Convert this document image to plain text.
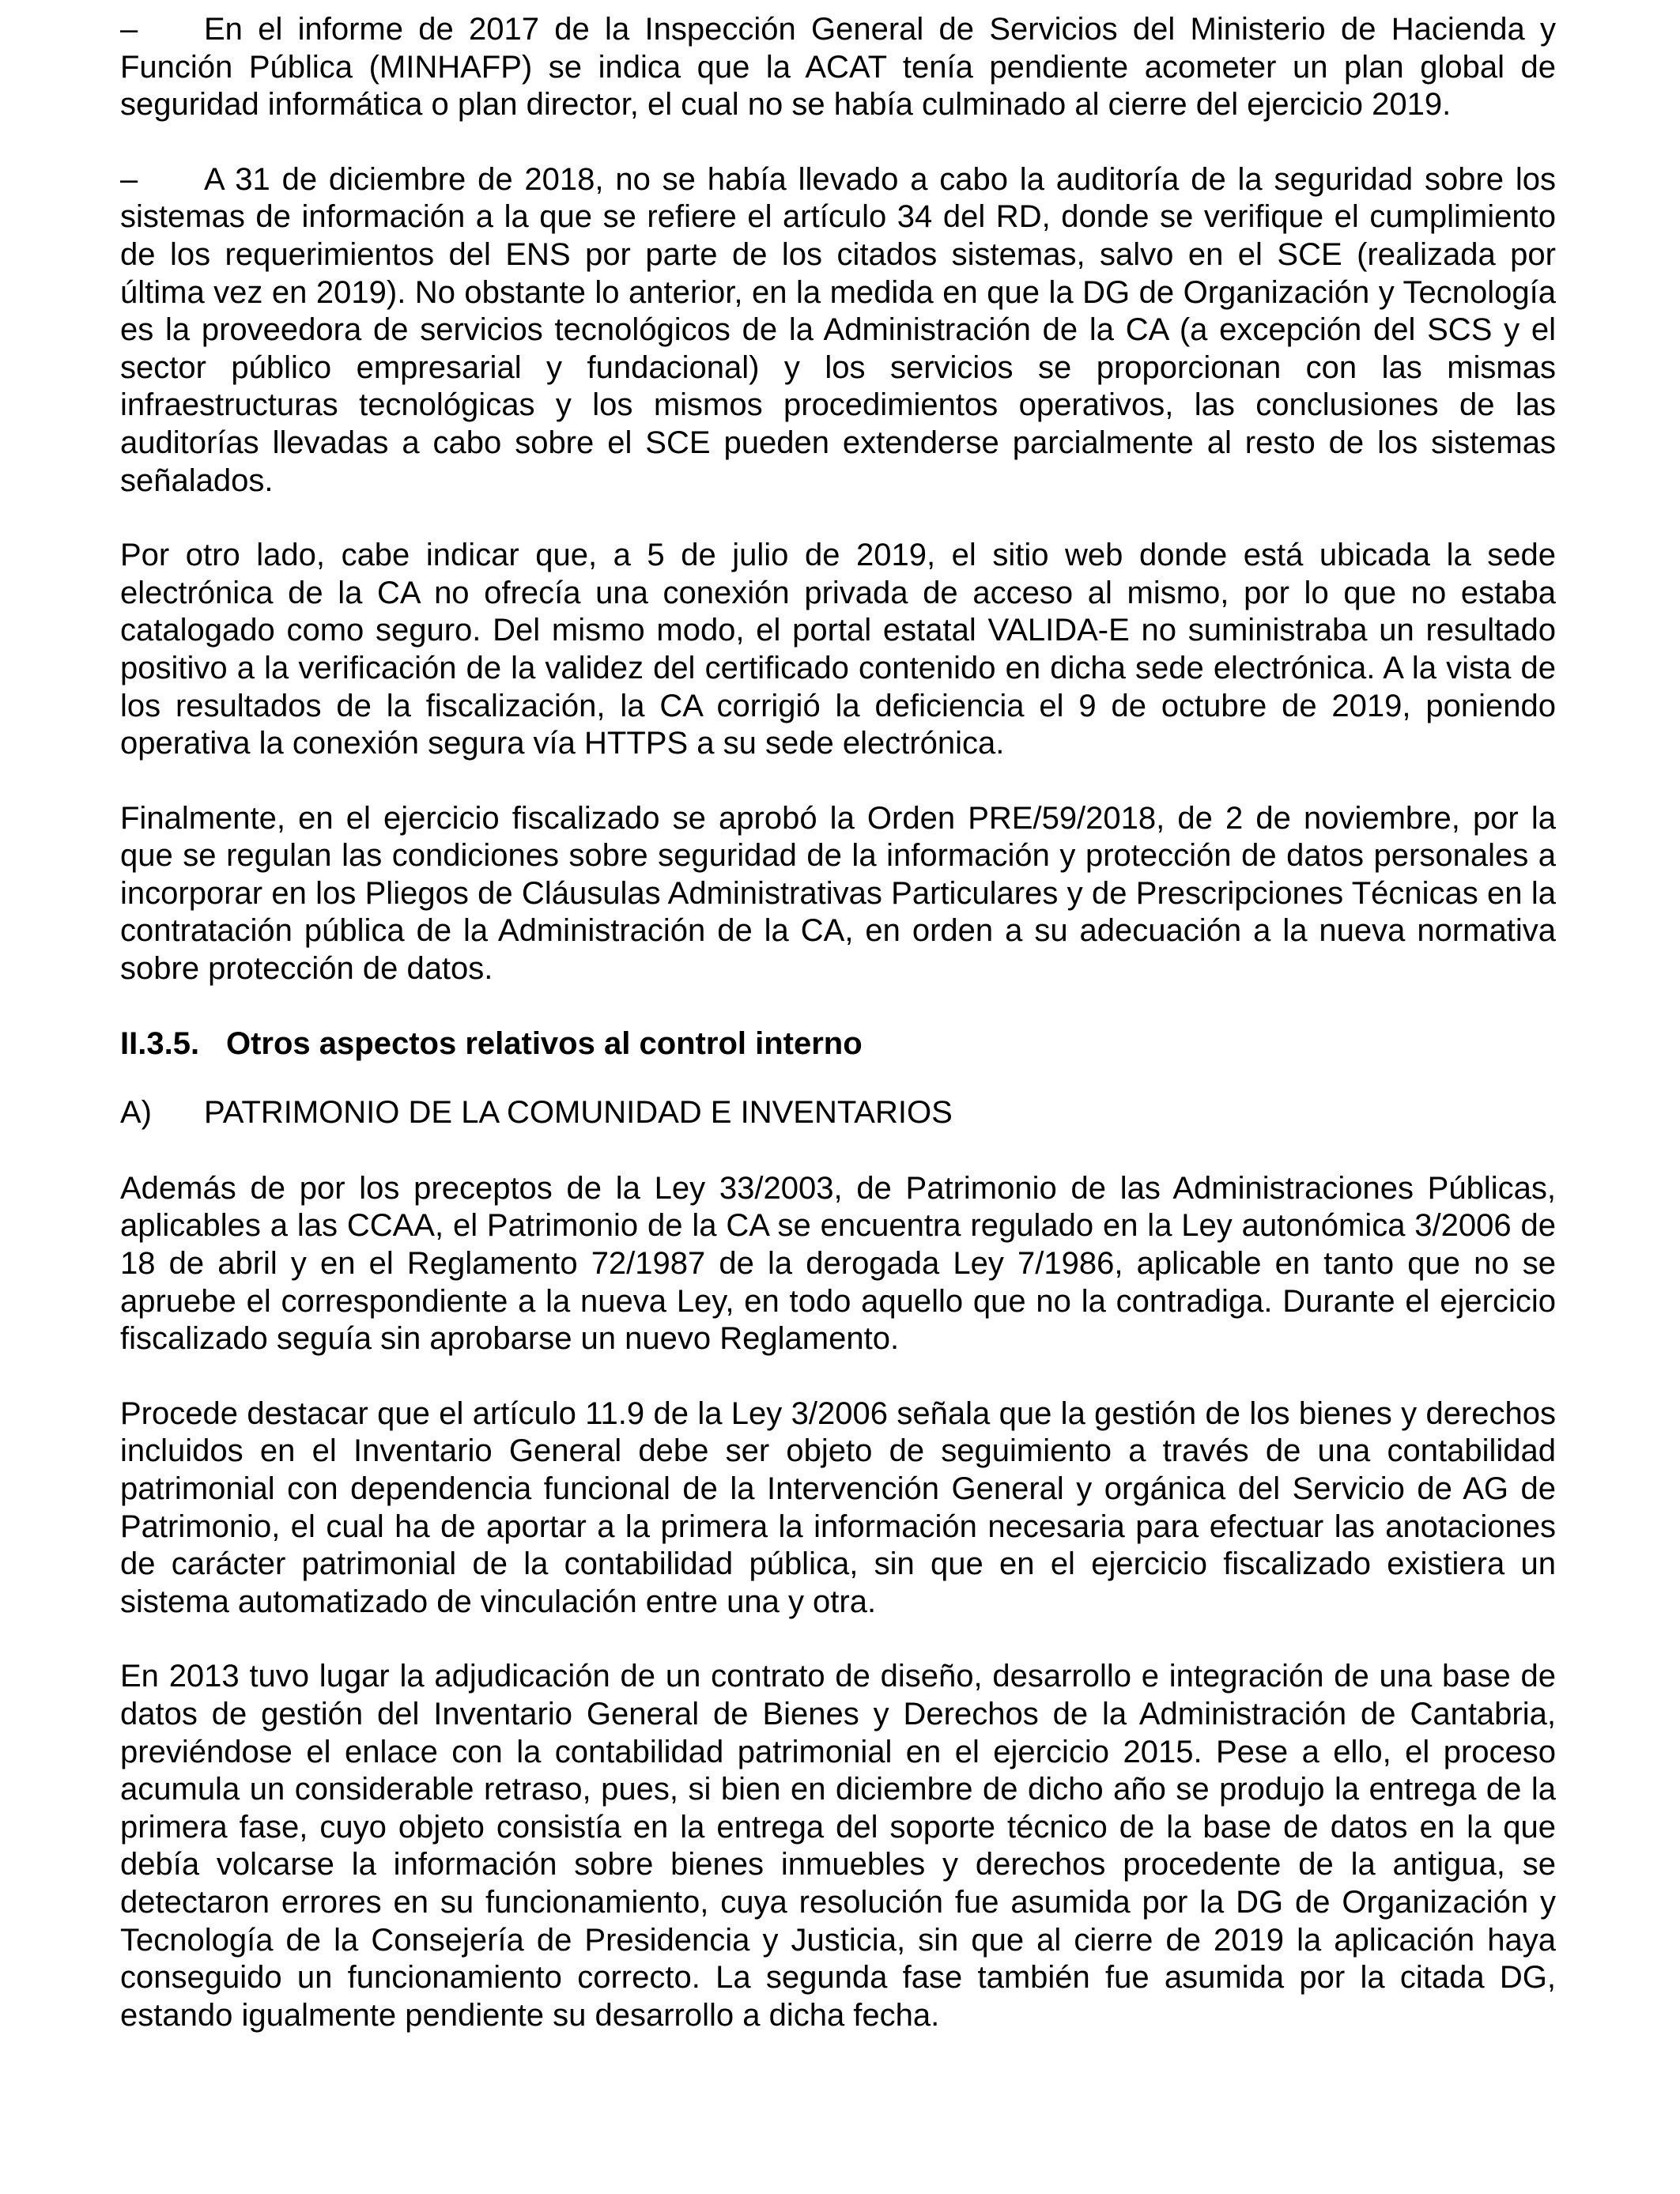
– En el informe de 2017 de la Inspección General de Servicios del Ministerio de Hacienda y Función Pública (MINHAFP) se indica que la ACAT tenía pendiente acometer un plan global de seguridad informática o plan director, el cual no se había culminado al cierre del ejercicio 2019.

– A 31 de diciembre de 2018, no se había llevado a cabo la auditoría de la seguridad sobre los sistemas de información a la que se refiere el artículo 34 del RD, donde se verifique el cumplimiento de los requerimientos del ENS por parte de los citados sistemas, salvo en el SCE (realizada por última vez en 2019). No obstante lo anterior, en la medida en que la DG de Organización y Tecnología es la proveedora de servicios tecnológicos de la Administración de la CA (a excepción del SCS y el sector público empresarial y fundacional) y los servicios se proporcionan con las mismas infraestructuras tecnológicas y los mismos procedimientos operativos, las conclusiones de las auditorías llevadas a cabo sobre el SCE pueden extenderse parcialmente al resto de los sistemas señalados.

Por otro lado, cabe indicar que, a 5 de julio de 2019, el sitio web donde está ubicada la sede electrónica de la CA no ofrecía una conexión privada de acceso al mismo, por lo que no estaba catalogado como seguro. Del mismo modo, el portal estatal VALIDA-E no suministraba un resultado positivo a la verificación de la validez del certificado contenido en dicha sede electrónica. A la vista de los resultados de la fiscalización, la CA corrigió la deficiencia el 9 de octubre de 2019, poniendo operativa la conexión segura vía HTTPS a su sede electrónica.

Finalmente, en el ejercicio fiscalizado se aprobó la Orden PRE/59/2018, de 2 de noviembre, por la que se regulan las condiciones sobre seguridad de la información y protección de datos personales a incorporar en los Pliegos de Cláusulas Administrativas Particulares y de Prescripciones Técnicas en la contratación pública de la Administración de la CA, en orden a su adecuación a la nueva normativa sobre protección de datos.

II.3.5. Otros aspectos relativos al control interno
A) PATRIMONIO DE LA COMUNIDAD E INVENTARIOS

Además de por los preceptos de la Ley 33/2003, de Patrimonio de las Administraciones Públicas, aplicables a las CCAA, el Patrimonio de la CA se encuentra regulado en la Ley autonómica 3/2006 de 18 de abril y en el Reglamento 72/1987 de la derogada Ley 7/1986, aplicable en tanto que no se apruebe el correspondiente a la nueva Ley, en todo aquello que no la contradiga. Durante el ejercicio fiscalizado seguía sin aprobarse un nuevo Reglamento.

Procede destacar que el artículo 11.9 de la Ley 3/2006 señala que la gestión de los bienes y derechos incluidos en el Inventario General debe ser objeto de seguimiento a través de una contabilidad patrimonial con dependencia funcional de la Intervención General y orgánica del Servicio de AG de Patrimonio, el cual ha de aportar a la primera la información necesaria para efectuar las anotaciones de carácter patrimonial de la contabilidad pública, sin que en el ejercicio fiscalizado existiera un sistema automatizado de vinculación entre una y otra.

En 2013 tuvo lugar la adjudicación de un contrato de diseño, desarrollo e integración de una base de datos de gestión del Inventario General de Bienes y Derechos de la Administración de Cantabria, previéndose el enlace con la contabilidad patrimonial en el ejercicio 2015. Pese a ello, el proceso acumula un considerable retraso, pues, si bien en diciembre de dicho año se produjo la entrega de la primera fase, cuyo objeto consistía en la entrega del soporte técnico de la base de datos en la que debía volcarse la información sobre bienes inmuebles y derechos procedente de la antigua, se detectaron errores en su funcionamiento, cuya resolución fue asumida por la DG de Organización y Tecnología de la Consejería de Presidencia y Justicia, sin que al cierre de 2019 la aplicación haya conseguido un funcionamiento correcto. La segunda fase también fue asumida por la citada DG, estando igualmente pendiente su desarrollo a dicha fecha.
